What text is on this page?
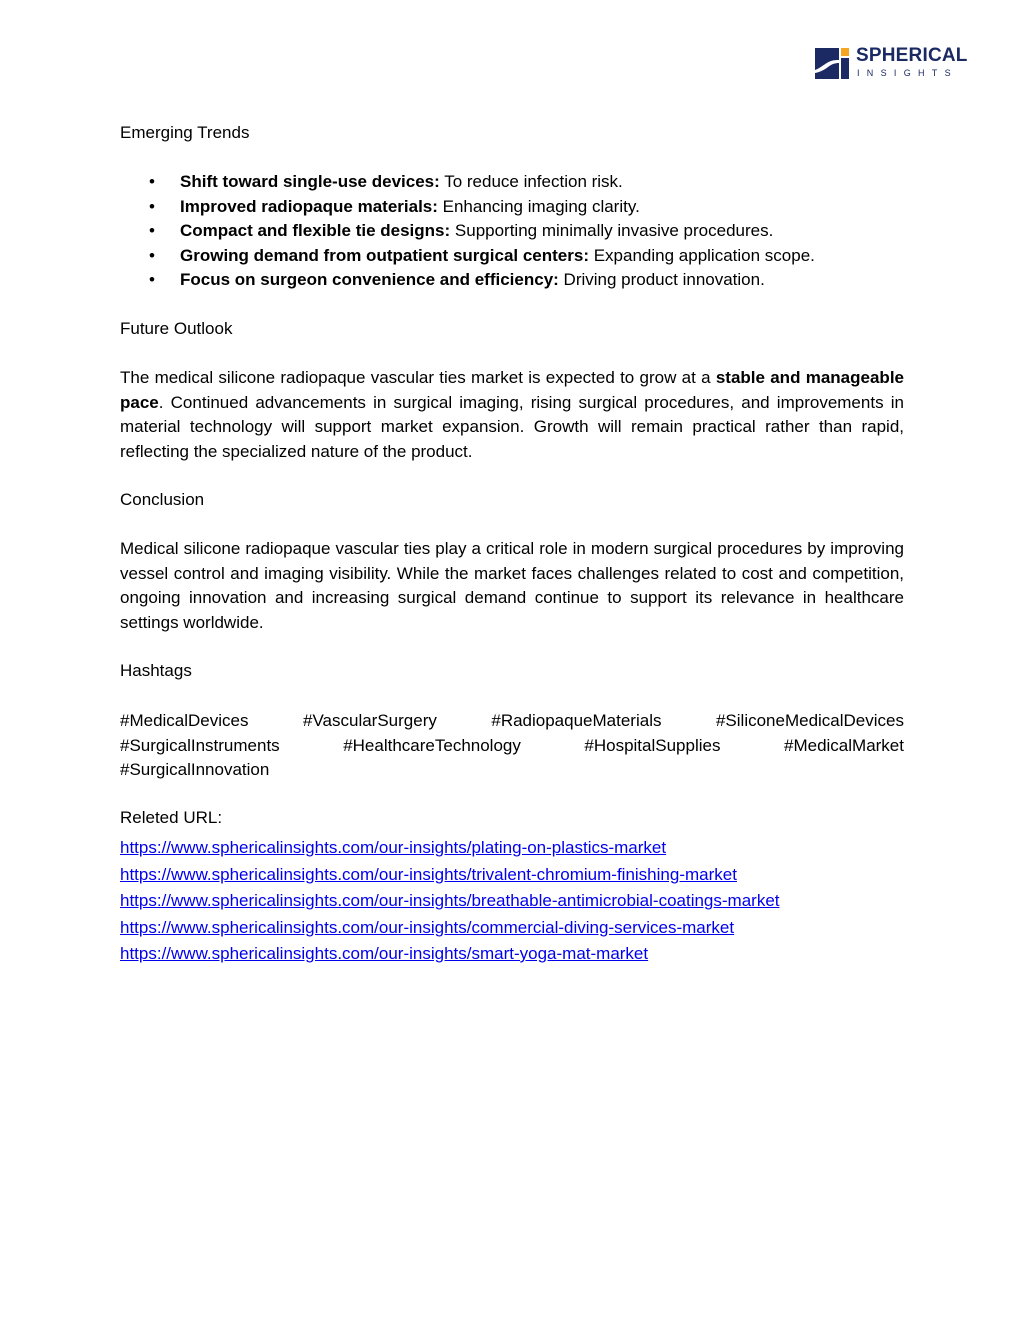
SPHERICAL
INSIGHTS

Emerging Trends

• Shift toward single-use devices: To reduce infection risk.
• Improved radiopaque materials: Enhancing imaging clarity.
• Compact and flexible tie designs: Supporting minimally invasive procedures.
• Growing demand from outpatient surgical centers: Expanding application scope.
• Focus on surgeon convenience and efficiency: Driving product innovation.

Future Outlook

The medical silicone radiopaque vascular ties market is expected to grow at a stable and manageable pace. Continued advancements in surgical imaging, rising surgical procedures, and improvements in material technology will support market expansion. Growth will remain practical rather than rapid, reflecting the specialized nature of the product.

Conclusion

Medical silicone radiopaque vascular ties play a critical role in modern surgical procedures by improving vessel control and imaging visibility. While the market faces challenges related to cost and competition, ongoing innovation and increasing surgical demand continue to support its relevance in healthcare settings worldwide.

Hashtags

#MedicalDevices	#VascularSurgery	#RadiopaqueMaterials	#SiliconeMedicalDevices
#SurgicalInstruments	#HealthcareTechnology	#HospitalSupplies	#MedicalMarket
#SurgicalInnovation

Releted URL:

https://www.sphericalinsights.com/our-insights/plating-on-plastics-market
https://www.sphericalinsights.com/our-insights/trivalent-chromium-finishing-market
https://www.sphericalinsights.com/our-insights/breathable-antimicrobial-coatings-market
https://www.sphericalinsights.com/our-insights/commercial-diving-services-market
https://www.sphericalinsights.com/our-insights/smart-yoga-mat-market
